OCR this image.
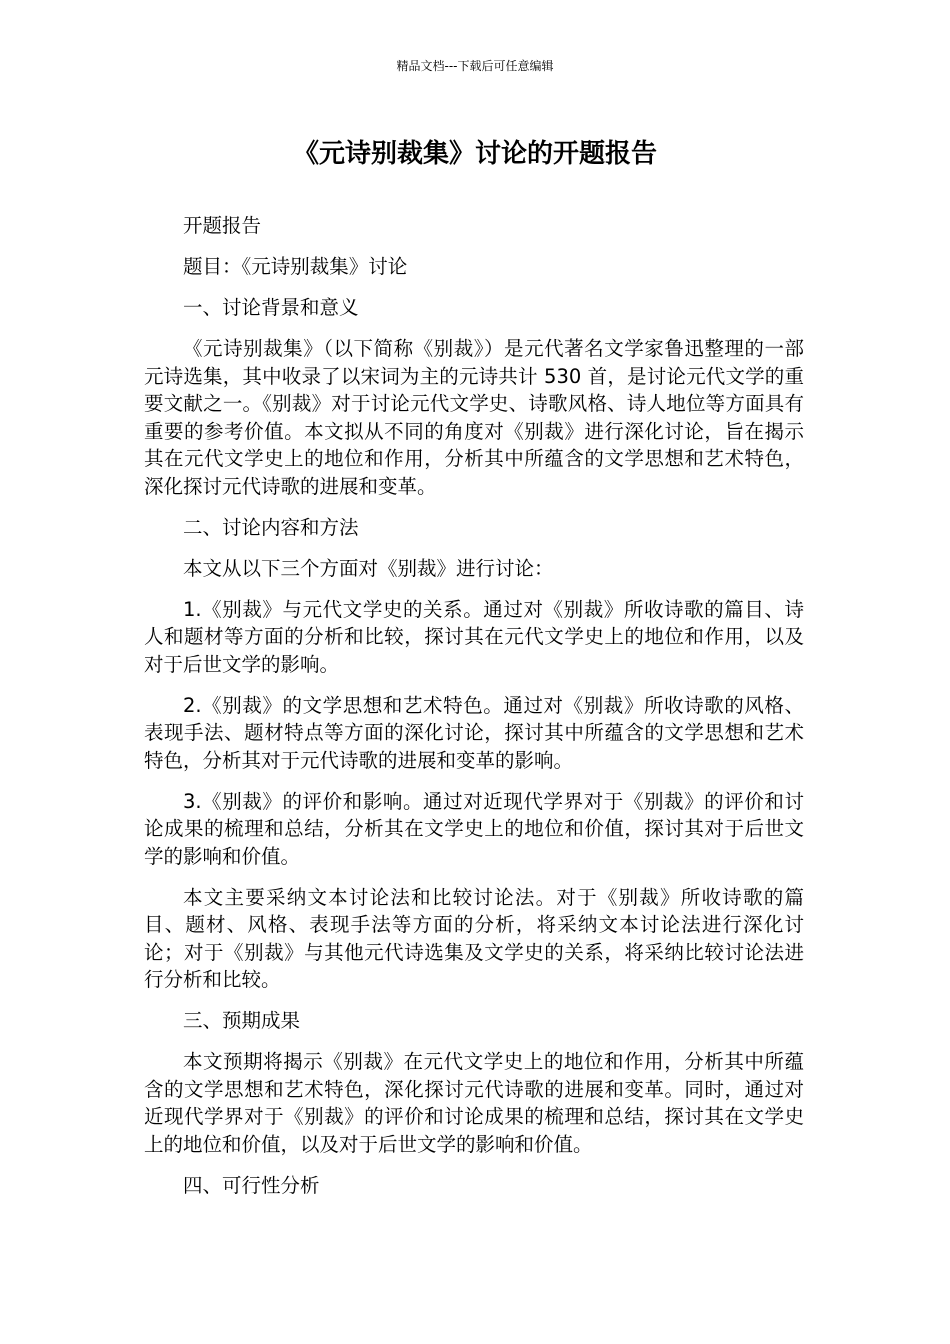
精品文档---下载后可任意编辑
《元诗别裁集》讨论的开题报告

开题报告

题目：《元诗别裁集》讨论

一、讨论背景和意义

《元诗别裁集》（以下简称《别裁》）是元代著名文学家鲁迅整理的一部元诗选集，其中收录了以宋词为主的元诗共计 530 首，是讨论元代文学的重要文献之一。《别裁》对于讨论元代文学史、诗歌风格、诗人地位等方面具有重要的参考价值。本文拟从不同的角度对《别裁》进行深化讨论，旨在揭示其在元代文学史上的地位和作用，分析其中所蕴含的文学思想和艺术特色，深化探讨元代诗歌的进展和变革。

二、讨论内容和方法

本文从以下三个方面对《别裁》进行讨论：

1.《别裁》与元代文学史的关系。通过对《别裁》所收诗歌的篇目、诗人和题材等方面的分析和比较，探讨其在元代文学史上的地位和作用，以及对于后世文学的影响。

2.《别裁》的文学思想和艺术特色。通过对《别裁》所收诗歌的风格、表现手法、题材特点等方面的深化讨论，探讨其中所蕴含的文学思想和艺术特色，分析其对于元代诗歌的进展和变革的影响。

3.《别裁》的评价和影响。通过对近现代学界对于《别裁》的评价和讨论成果的梳理和总结，分析其在文学史上的地位和价值，探讨其对于后世文学的影响和价值。

本文主要采纳文本讨论法和比较讨论法。对于《别裁》所收诗歌的篇目、题材、风格、表现手法等方面的分析，将采纳文本讨论法进行深化讨论；对于《别裁》与其他元代诗选集及文学史的关系，将采纳比较讨论法进行分析和比较。

三、预期成果

本文预期将揭示《别裁》在元代文学史上的地位和作用，分析其中所蕴含的文学思想和艺术特色，深化探讨元代诗歌的进展和变革。同时，通过对近现代学界对于《别裁》的评价和讨论成果的梳理和总结，探讨其在文学史上的地位和价值，以及对于后世文学的影响和价值。

四、可行性分析
